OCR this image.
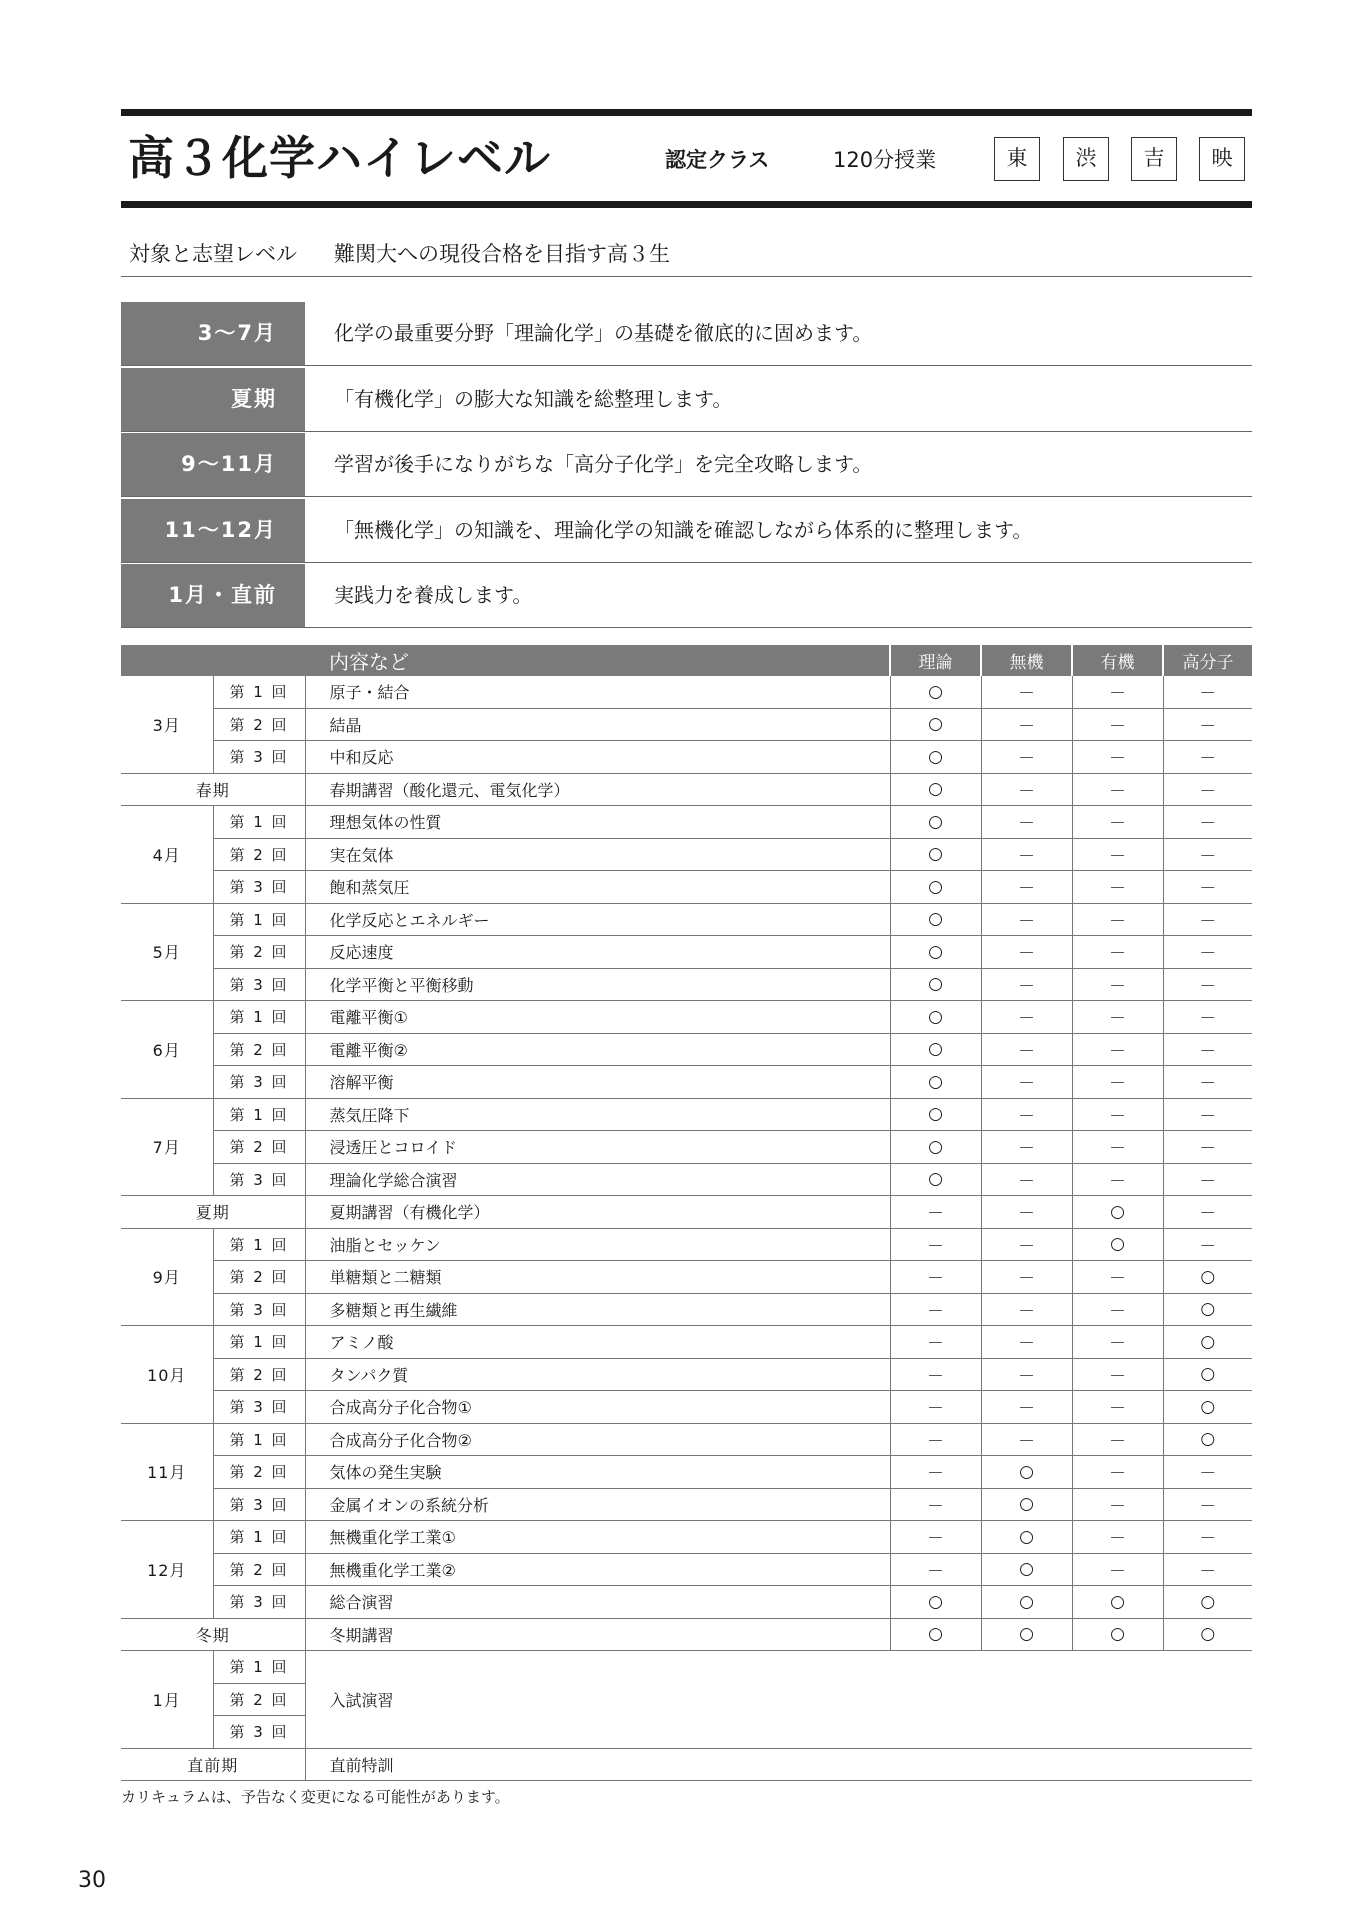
高３化学ハイレベル	認定クラス	120分授業	東	渋	吉	映
対象と志望レベル 難関大への現役合格を目指す高３生
3～7月	化学の最重要分野「理論化学」の基礎を徹底的に固めます。
夏期	「有機化学」の膨大な知識を総整理します。
9～11月	学習が後手になりがちな「高分子化学」を完全攻略します。
11～12月	「無機化学」の知識を、理論化学の知識を確認しながら体系的に整理します。
1月・直前	実践力を養成します。
		内容など	理論	無機	有機	高分子
3月	第 1 回	原子・結合	○	－	－	－
	第 2 回	結晶	○	－	－	－
	第 3 回	中和反応	○	－	－	－
春期		春期講習（酸化還元、電気化学）	○	－	－	－
4月	第 1 回	理想気体の性質	○	－	－	－
	第 2 回	実在気体	○	－	－	－
	第 3 回	飽和蒸気圧	○	－	－	－
5月	第 1 回	化学反応とエネルギー	○	－	－	－
	第 2 回	反応速度	○	－	－	－
	第 3 回	化学平衡と平衡移動	○	－	－	－
6月	第 1 回	電離平衡①	○	－	－	－
	第 2 回	電離平衡②	○	－	－	－
	第 3 回	溶解平衡	○	－	－	－
7月	第 1 回	蒸気圧降下	○	－	－	－
	第 2 回	浸透圧とコロイド	○	－	－	－
	第 3 回	理論化学総合演習	○	－	－	－
夏期		夏期講習（有機化学）	－	－	○	－
9月	第 1 回	油脂とセッケン	－	－	○	－
	第 2 回	単糖類と二糖類	－	－	－	○
	第 3 回	多糖類と再生繊維	－	－	－	○
10月	第 1 回	アミノ酸	－	－	－	○
	第 2 回	タンパク質	－	－	－	○
	第 3 回	合成高分子化合物①	－	－	－	○
11月	第 1 回	合成高分子化合物②	－	－	－	○
	第 2 回	気体の発生実験	－	○	－	－
	第 3 回	金属イオンの系統分析	－	○	－	－
12月	第 1 回	無機重化学工業①	－	○	－	－
	第 2 回	無機重化学工業②	－	○	－	－
	第 3 回	総合演習	○	○	○	○
冬期		冬期講習	○	○	○	○
1月	第 1 回	入試演習				
	第 2 回					
	第 3 回					
直前期		直前特訓				
カリキュラムは、予告なく変更になる可能性があります。
30
